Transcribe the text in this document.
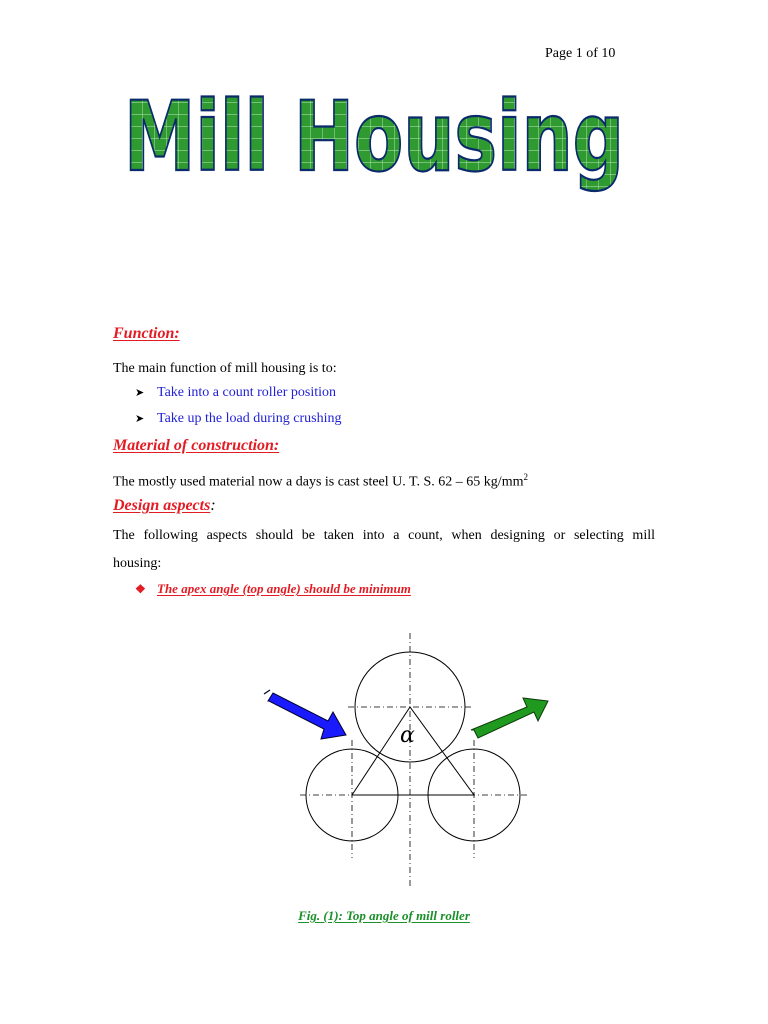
Page 1 of 10
Mill Housing
Function:
The main function of mill housing is to:
➤ Take into a count roller position
➤ Take up the load during crushing
Material of construction:
The mostly used material now a days is cast steel U. T. S. 62 – 65 $kg/mm^2$
Design aspects:
The following aspects should be taken into a count, when designing or selecting mill
housing:
❖ The apex angle (top angle) should be minimum
α
Fig. (1): Top angle of mill roller
